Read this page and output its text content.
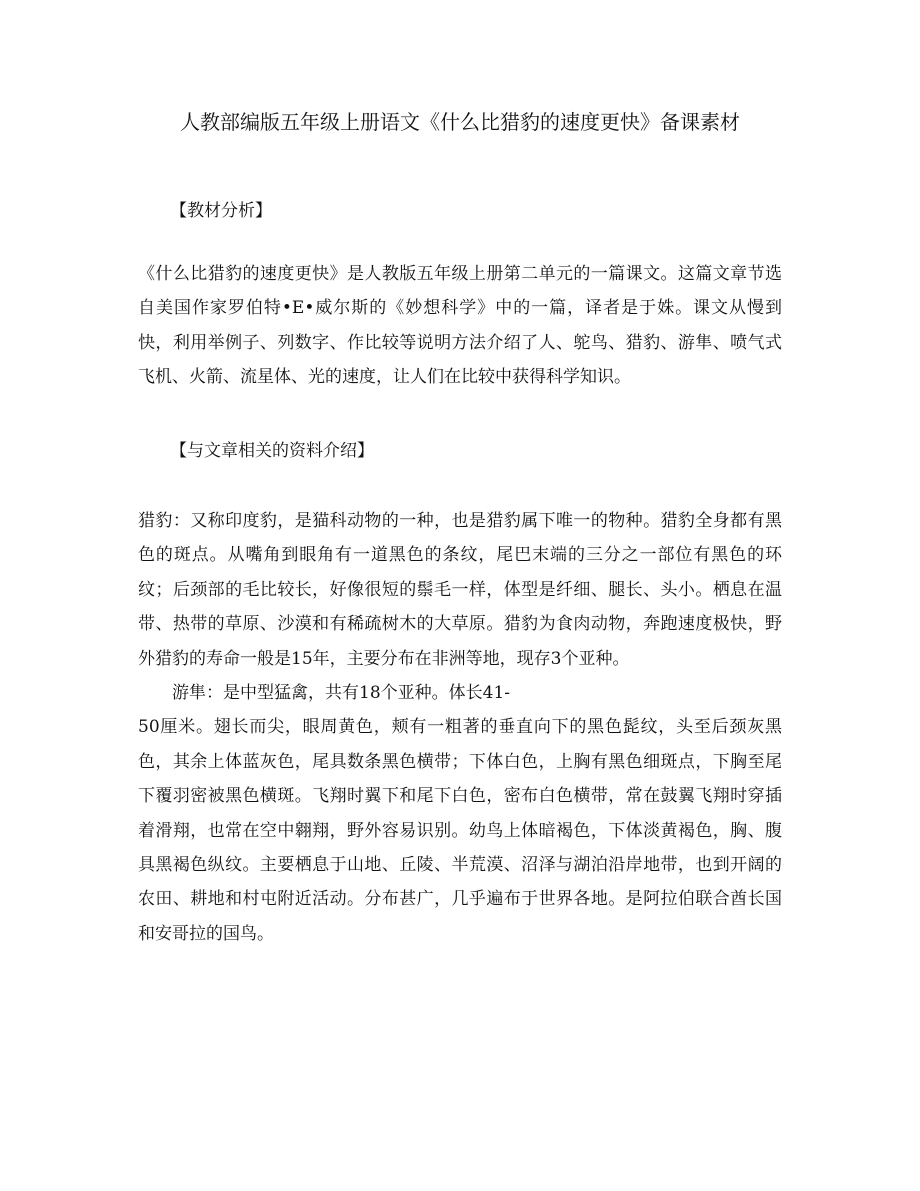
人教部编版五年级上册语文《什么比猎豹的速度更快》备课素材

【教材分析】

《什么比猎豹的速度更快》是人教版五年级上册第二单元的一篇课文。这篇文章节选自美国作家罗伯特•E•威尔斯的《妙想科学》中的一篇，译者是于姝。课文从慢到快，利用举例子、列数字、作比较等说明方法介绍了人、鸵鸟、猎豹、游隼、喷气式飞机、火箭、流星体、光的速度，让人们在比较中获得科学知识。

【与文章相关的资料介绍】

猎豹：又称印度豹，是猫科动物的一种，也是猎豹属下唯一的物种。猎豹全身都有黑色的斑点。从嘴角到眼角有一道黑色的条纹，尾巴末端的三分之一部位有黑色的环纹；后颈部的毛比较长，好像很短的鬃毛一样，体型是纤细、腿长、头小。栖息在温带、热带的草原、沙漠和有稀疏树木的大草原。猎豹为食肉动物，奔跑速度极快，野外猎豹的寿命一般是15年，主要分布在非洲等地，现存3个亚种。

游隼：是中型猛禽，共有18个亚种。体长41-
50厘米。翅长而尖，眼周黄色，颊有一粗著的垂直向下的黑色髭纹，头至后颈灰黑色，其余上体蓝灰色，尾具数条黑色横带；下体白色，上胸有黑色细斑点，下胸至尾下覆羽密被黑色横斑。飞翔时翼下和尾下白色，密布白色横带，常在鼓翼飞翔时穿插着滑翔，也常在空中翱翔，野外容易识别。幼鸟上体暗褐色，下体淡黄褐色，胸、腹具黑褐色纵纹。主要栖息于山地、丘陵、半荒漠、沼泽与湖泊沿岸地带，也到开阔的农田、耕地和村屯附近活动。分布甚广，几乎遍布于世界各地。是阿拉伯联合酋长国和安哥拉的国鸟。
